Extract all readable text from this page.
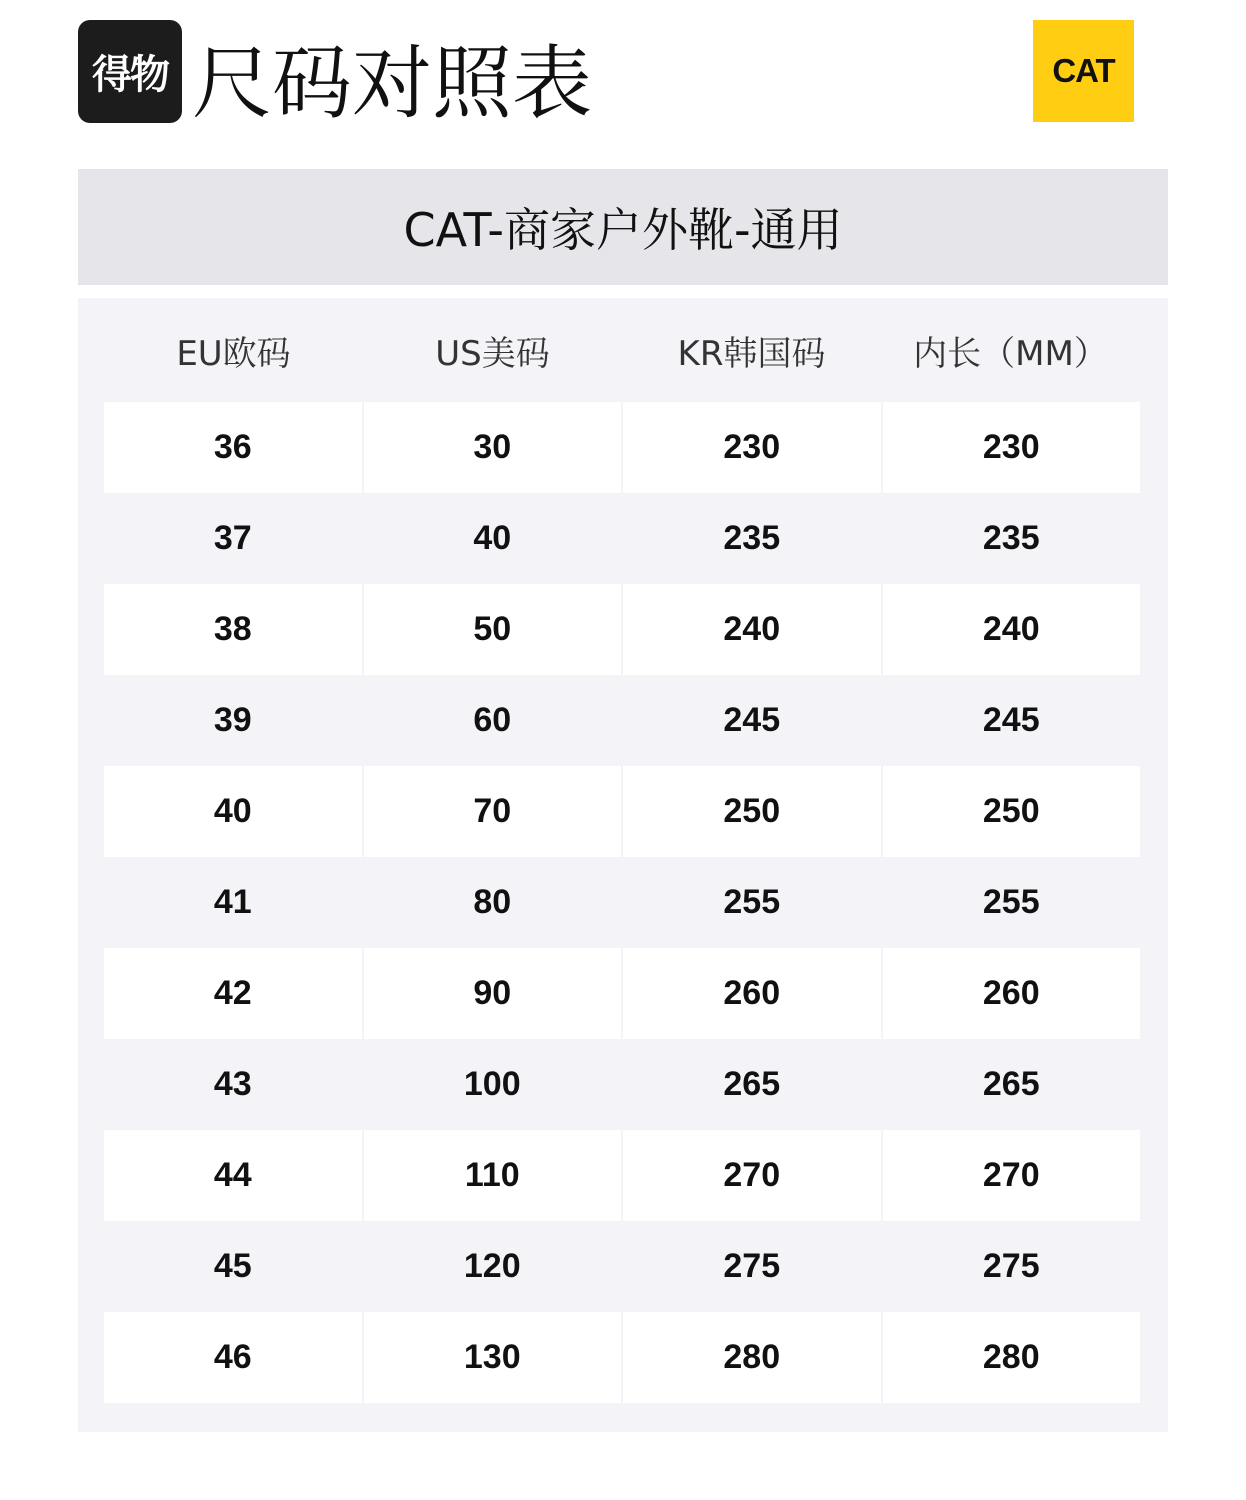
得物 尺码对照表	CAT
CAT-商家户外靴-通用
EU欧码	US美码	KR韩国码	内长（MM）
36	30	230	230
37	40	235	235
38	50	240	240
39	60	245	245
40	70	250	250
41	80	255	255
42	90	260	260
43	100	265	265
44	110	270	270
45	120	275	275
46	130	280	280
